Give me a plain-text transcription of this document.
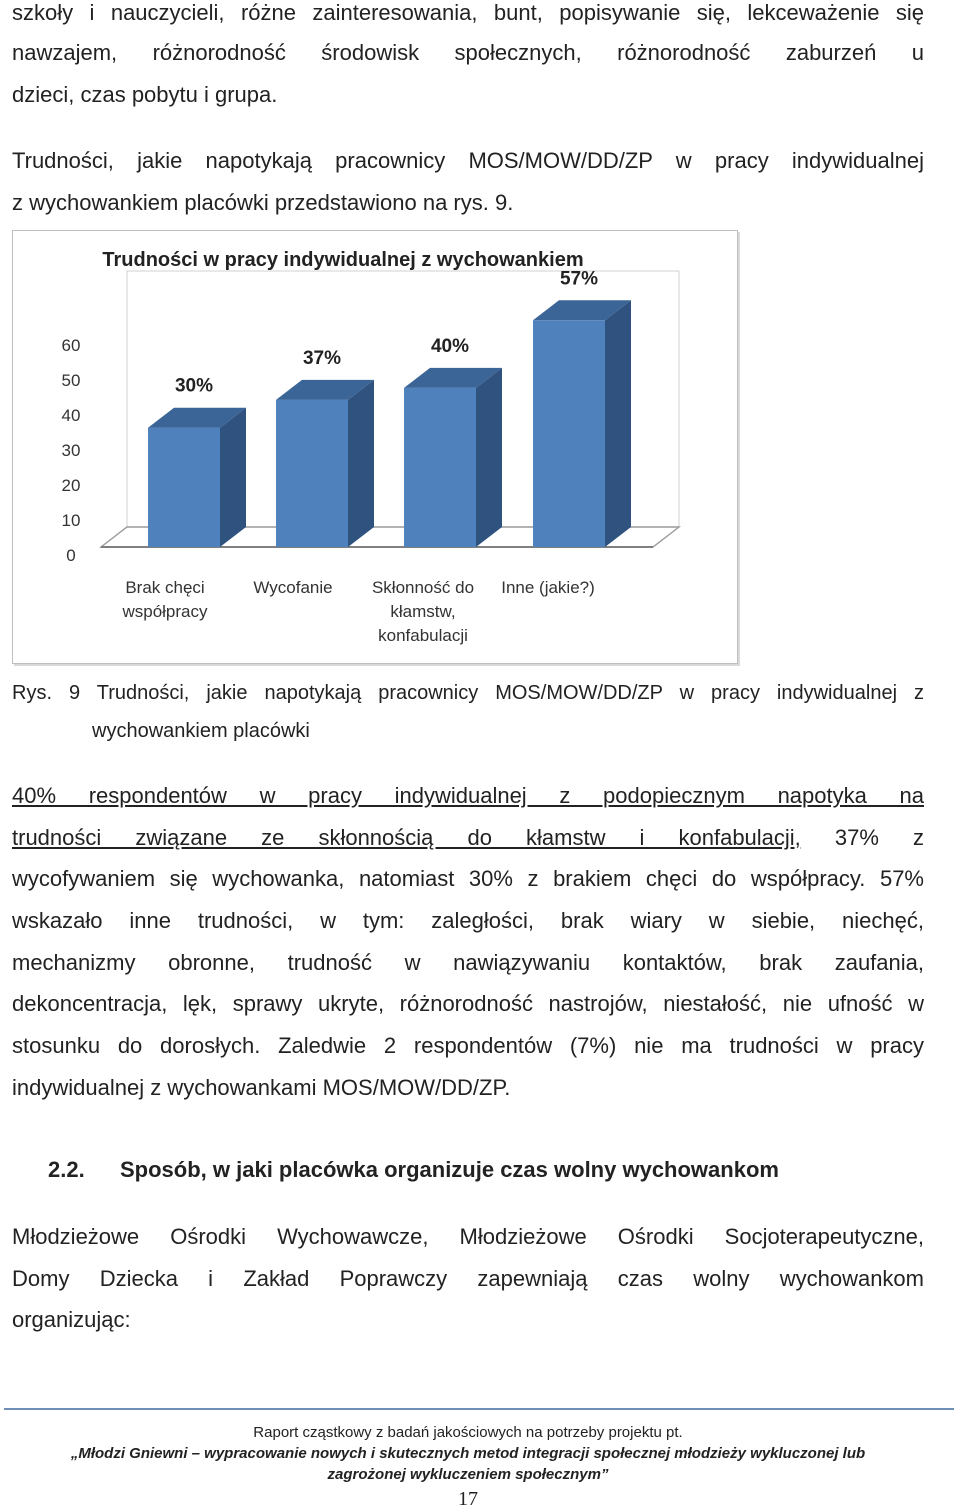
szkoły i nauczycieli, różne zainteresowania, bunt, popisywanie się, lekceważenie się
nawzajem, różnorodność środowisk społecznych, różnorodność zaburzeń u
dzieci, czas pobytu i grupa.
Trudności, jakie napotykają pracownicy MOS/MOW/DD/ZP w pracy indywidualnej
z wychowankiem placówki przedstawiono na rys. 9.
Trudności w pracy indywidualnej z wychowankiem
0
10
20
30
40
50
60
30%
37%
40%
57%
Brak chęci
współpracy
Wycofanie Skłonność do
kłamstw,
konfabulacji
Inne (jakie?)
Rys. 9 Trudności, jakie napotykają pracownicy MOS/MOW/DD/ZP w pracy indywidualnej z
wychowankiem placówki
40% respondentów w pracy indywidualnej z podopiecznym napotyka na
trudności związane ze skłonnością do kłamstw i konfabulacji, 37% z
wycofywaniem się wychowanka, natomiast 30% z brakiem chęci do współpracy. 57%
wskazało inne trudności, w tym: zaległości, brak wiary w siebie, niechęć,
mechanizmy obronne, trudność w nawiązywaniu kontaktów, brak zaufania,
dekoncentracja, lęk, sprawy ukryte, różnorodność nastrojów, niestałość, nie ufność w
stosunku do dorosłych. Zaledwie 2 respondentów (7%) nie ma trudności w pracy
indywidualnej z wychowankami MOS/MOW/DD/ZP.
2.2. Sposób, w jaki placówka organizuje czas wolny wychowankom
Młodzieżowe Ośrodki Wychowawcze, Młodzieżowe Ośrodki Socjoterapeutyczne,
Domy Dziecka i Zakład Poprawczy zapewniają czas wolny wychowankom
organizując:
Raport cząstkowy z badań jakościowych na potrzeby projektu pt.
„Młodzi Gniewni – wypracowanie nowych i skutecznych metod integracji społecznej młodzieży wykluczonej lub
zagrożonej wykluczeniem społecznym”
17
